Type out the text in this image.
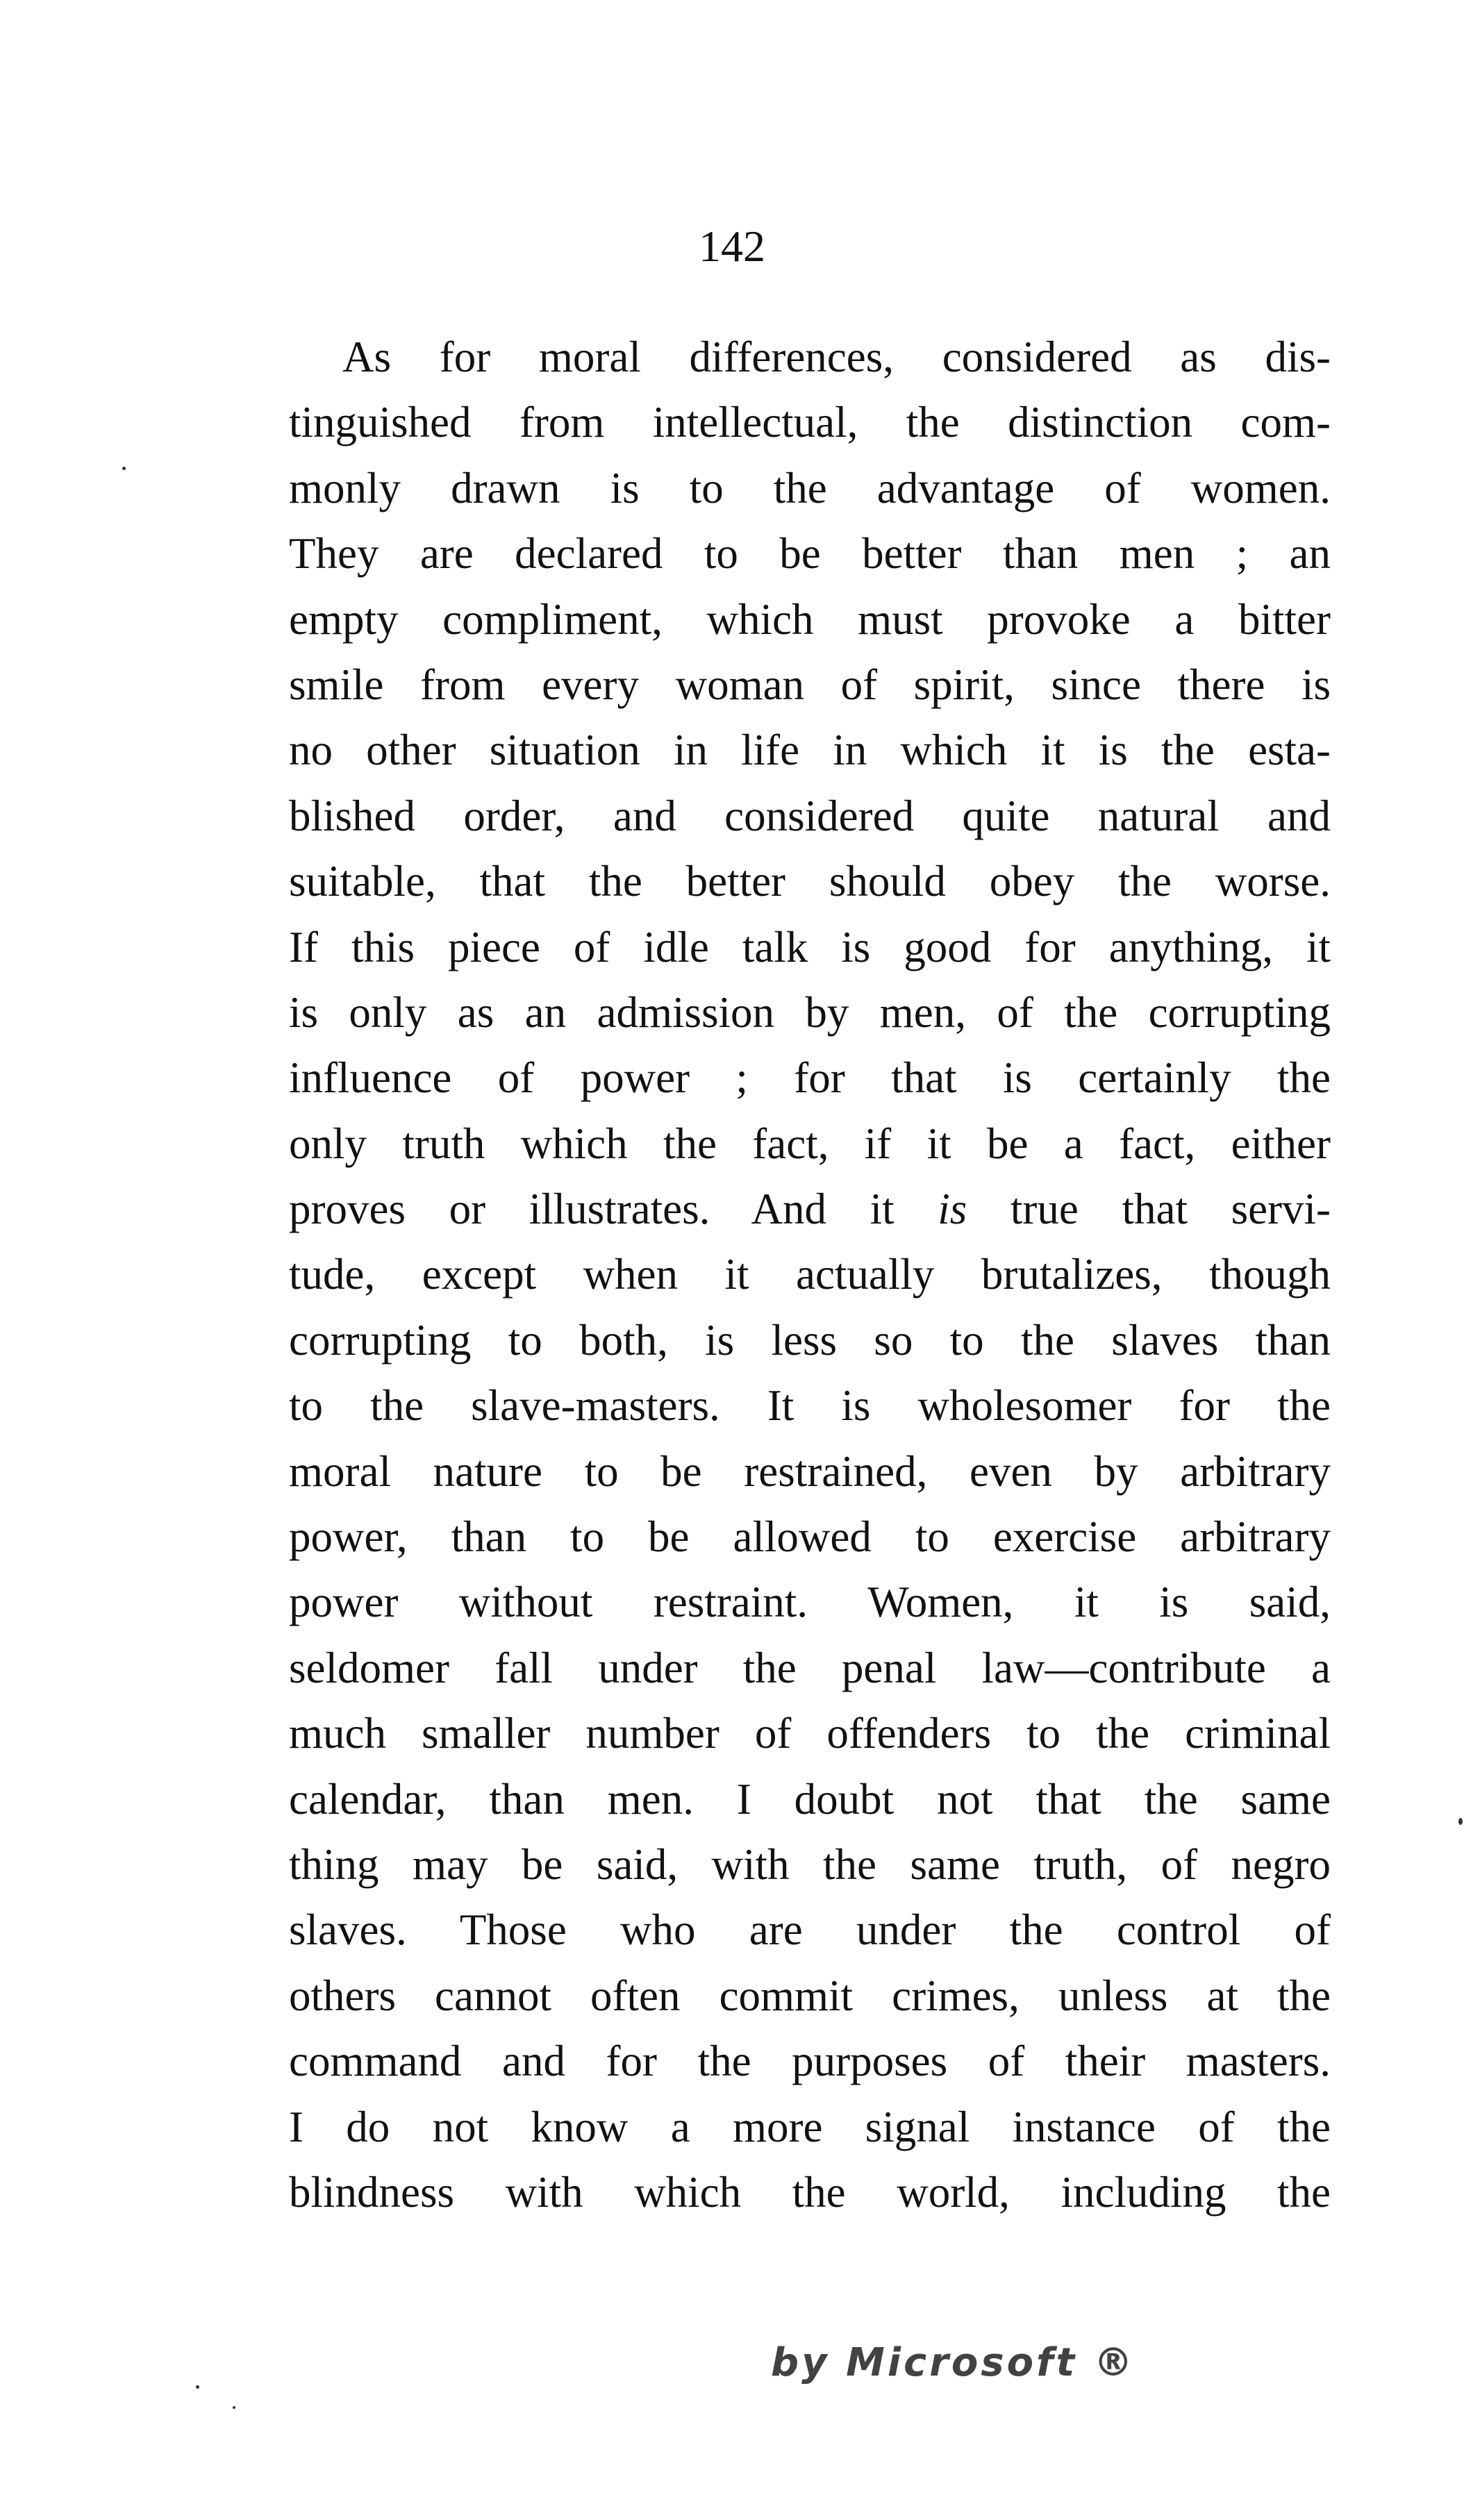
142
As for moral differences, considered as dis-
tinguished from intellectual, the distinction com-
monly drawn is to the advantage of women.
They are declared to be better than men ; an
empty compliment, which must provoke a bitter
smile from every woman of spirit, since there is
no other situation in life in which it is the esta-
blished order, and considered quite natural and
suitable, that the better should obey the worse.
If this piece of idle talk is good for anything, it
is only as an admission by men, of the corrupting
influence of power ; for that is certainly the
only truth which the fact, if it be a fact, either
proves or illustrates. And it is true that servi-
tude, except when it actually brutalizes, though
corrupting to both, is less so to the slaves than
to the slave-masters. It is wholesomer for the
moral nature to be restrained, even by arbitrary
power, than to be allowed to exercise arbitrary
power without restraint. Women, it is said,
seldomer fall under the penal law—contribute a
much smaller number of offenders to the criminal
calendar, than men. I doubt not that the same
thing may be said, with the same truth, of negro
slaves. Those who are under the control of
others cannot often commit crimes, unless at the
command and for the purposes of their masters.
I do not know a more signal instance of the
blindness with which the world, including the
by Microsoft ®
